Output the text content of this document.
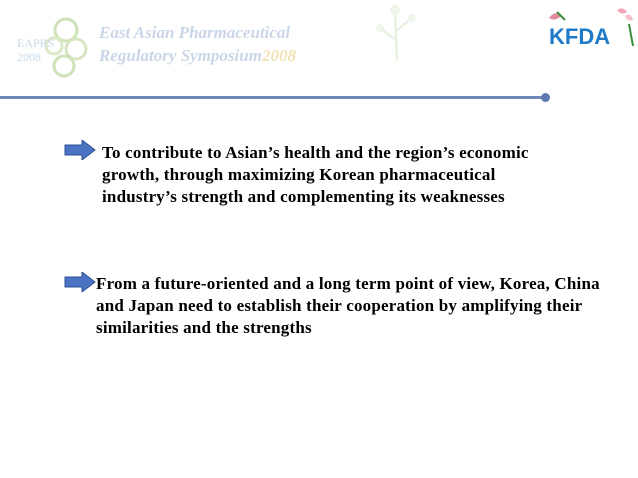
EAPRS
2008
East Asian Pharmaceutical
Regulatory Symposium2008
KFDA
To contribute to Asian’s health and the region’s economic growth, through maximizing Korean pharmaceutical industry’s strength and complementing its weaknesses
From a future-oriented and a long term point of view, Korea, China and Japan need to establish their cooperation by amplifying their similarities and the strengths
